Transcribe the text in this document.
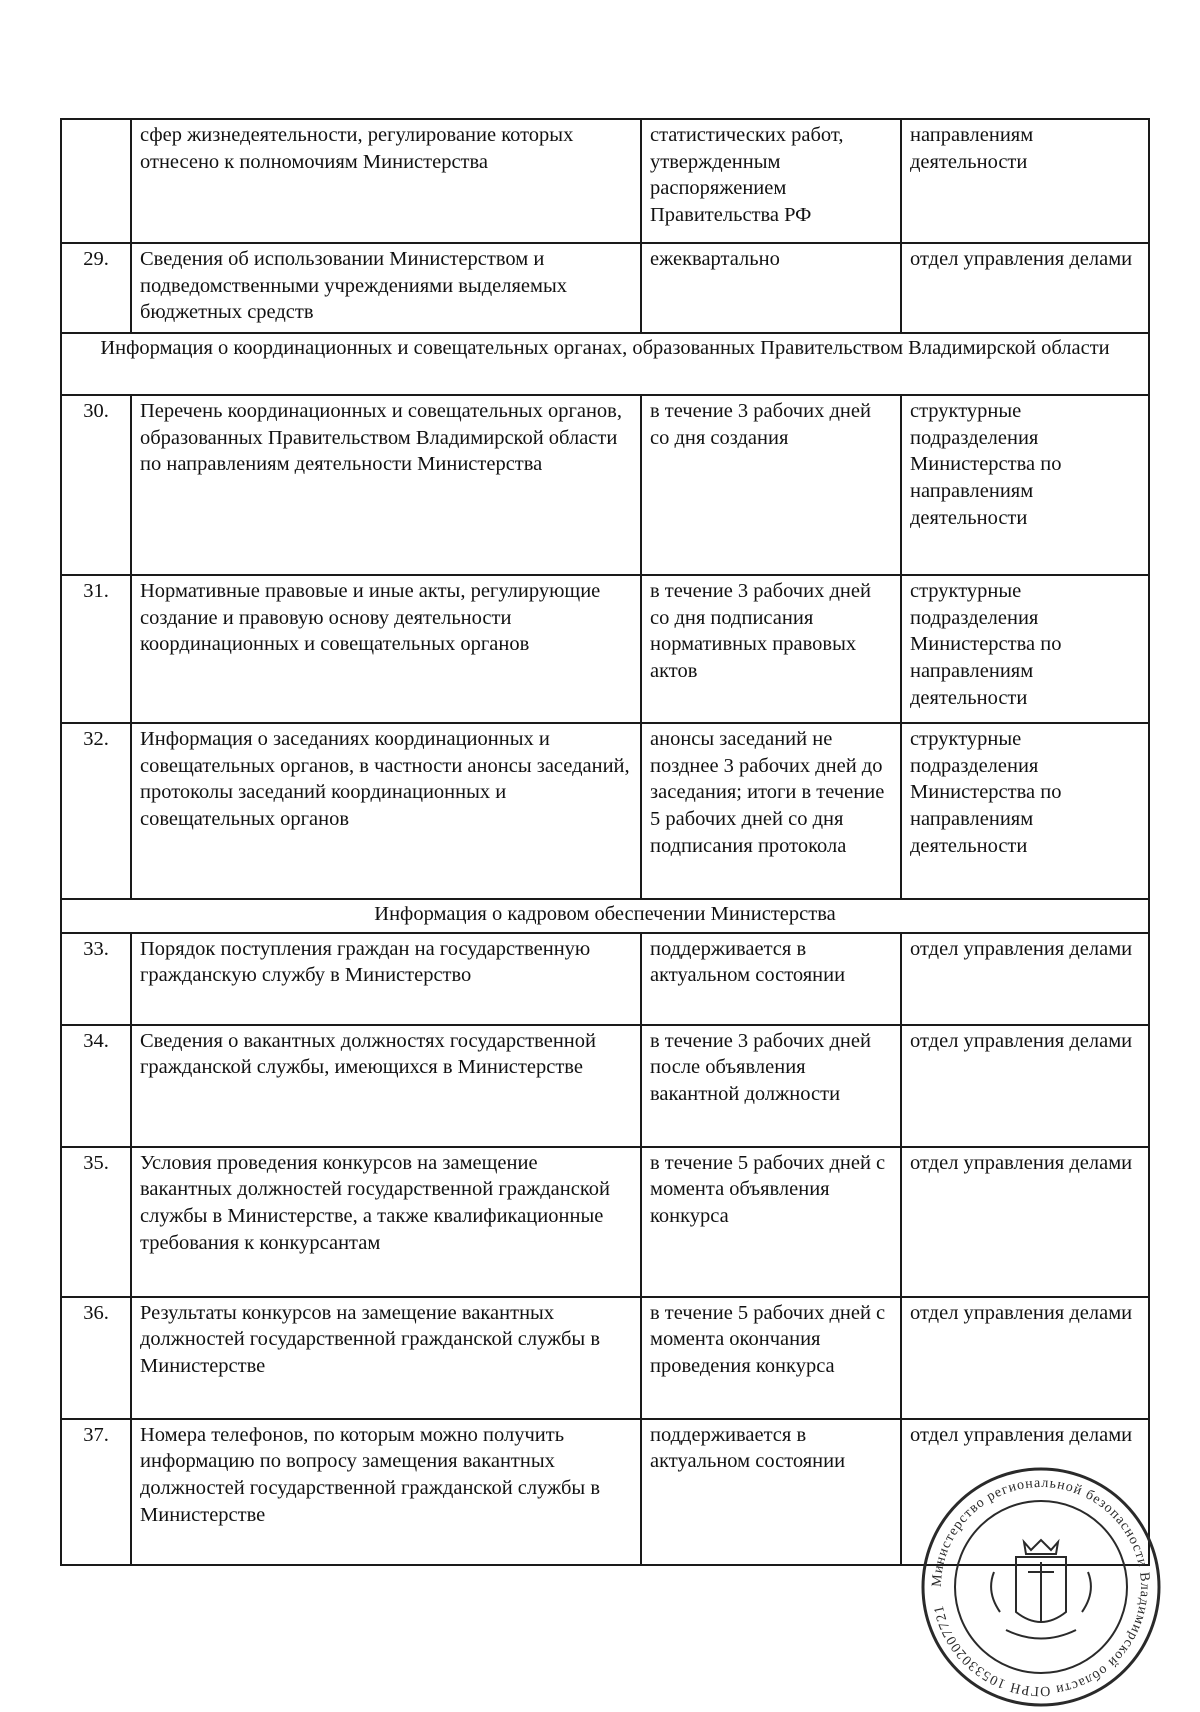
	сфер жизнедеятельности, регулирование которых отнесено к полномочиям Министерства	статистических работ, утвержденным распоряжением Правительства РФ	направлениям деятельности
29.	Сведения об использовании Министерством и подведомственными учреждениями выделяемых бюджетных средств	ежеквартально	отдел управления делами
Информация о координационных и совещательных органах, образованных Правительством Владимирской области			
30.	Перечень координационных и совещательных органов, образованных Правительством Владимирской области по направлениям деятельности Министерства	в течение 3 рабочих дней со дня создания	структурные подразделения Министерства по направлениям деятельности
31.	Нормативные правовые и иные акты, регулирующие создание и правовую основу деятельности координационных и совещательных органов	в течение 3 рабочих дней со дня подписания нормативных правовых актов	структурные подразделения Министерства по направлениям деятельности
32.	Информация о заседаниях координационных и совещательных органов, в частности анонсы заседаний, протоколы заседаний координационных и совещательных органов	анонсы заседаний не позднее 3 рабочих дней до заседания; итоги в течение 5 рабочих дней со дня подписания протокола	структурные подразделения Министерства по направлениям деятельности
Информация о кадровом обеспечении Министерства			
33.	Порядок поступления граждан на государственную гражданскую службу в Министерство	поддерживается в актуальном состоянии	отдел управления делами
34.	Сведения о вакантных должностях государственной гражданской службы, имеющихся в Министерстве	в течение 3 рабочих дней после объявления вакантной должности	отдел управления делами
35.	Условия проведения конкурсов на замещение вакантных должностей государственной гражданской службы в Министерстве, а также квалификационные требования к конкурсантам	в течение 5 рабочих дней с момента объявления конкурса	отдел управления делами
36.	Результаты конкурсов на замещение вакантных должностей государственной гражданской службы в Министерстве	в течение 5 рабочих дней с момента окончания проведения конкурса	отдел управления делами
37.	Номера телефонов, по которым можно получить информацию по вопросу замещения вакантных должностей государственной гражданской службы в Министерстве	поддерживается в актуальном состоянии	отдел управления делами
Министерство региональной безопасности Владимирской области ОГРН 1053302007721
